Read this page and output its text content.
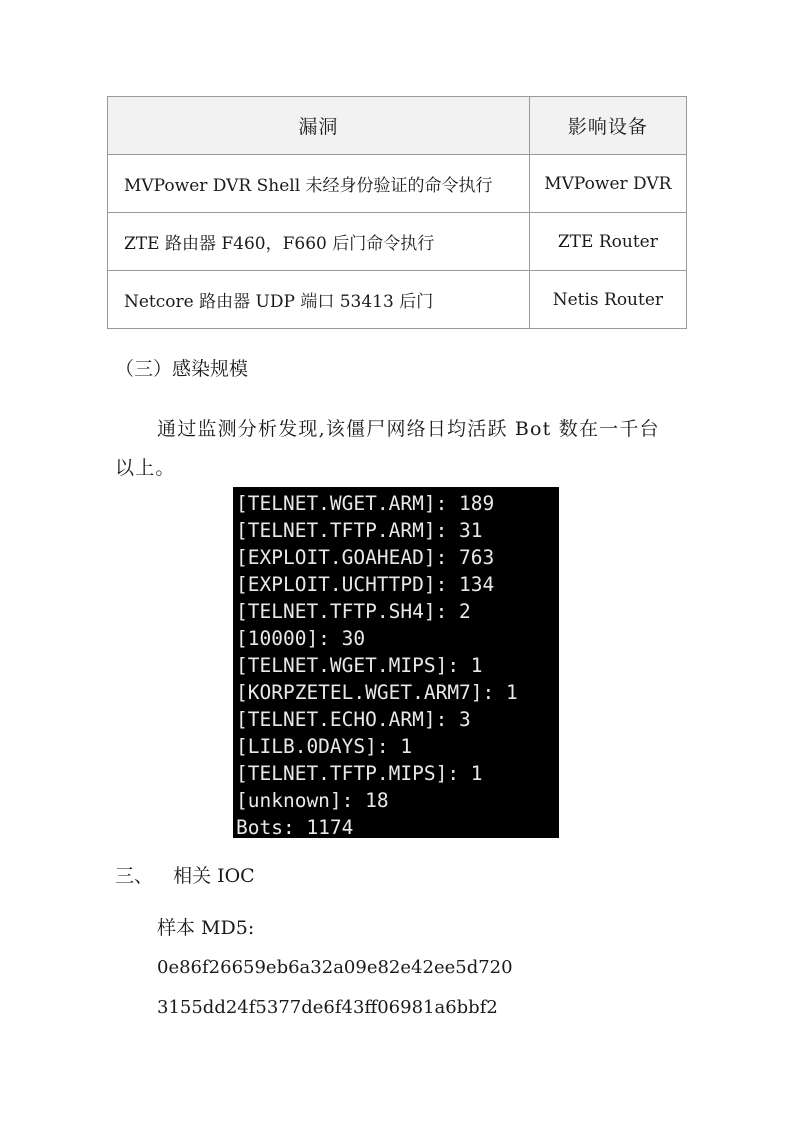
漏洞	影响设备
MVPower DVR Shell 未经身份验证的命令执行	MVPower DVR
ZTE 路由器 F460，F660 后门命令执行	ZTE Router
Netcore 路由器 UDP 端口 53413 后门	Netis Router
（三）感染规模
通过监测分析发现,该僵尸网络日均活跃 Bot 数在一千台
以上。
[TELNET.WGET.ARM]: 189
[TELNET.TFTP.ARM]: 31
[EXPLOIT.GOAHEAD]: 763
[EXPLOIT.UCHTTPD]: 134
[TELNET.TFTP.SH4]: 2
[10000]: 30
[TELNET.WGET.MIPS]: 1
[KORPZETEL.WGET.ARM7]: 1
[TELNET.ECHO.ARM]: 3
[LILB.0DAYS]: 1
[TELNET.TFTP.MIPS]: 1
[unknown]: 18
Bots: 1174
三、 相关 IOC
样本 MD5:
0e86f26659eb6a32a09e82e42ee5d720
3155dd24f5377de6f43ff06981a6bbf2
